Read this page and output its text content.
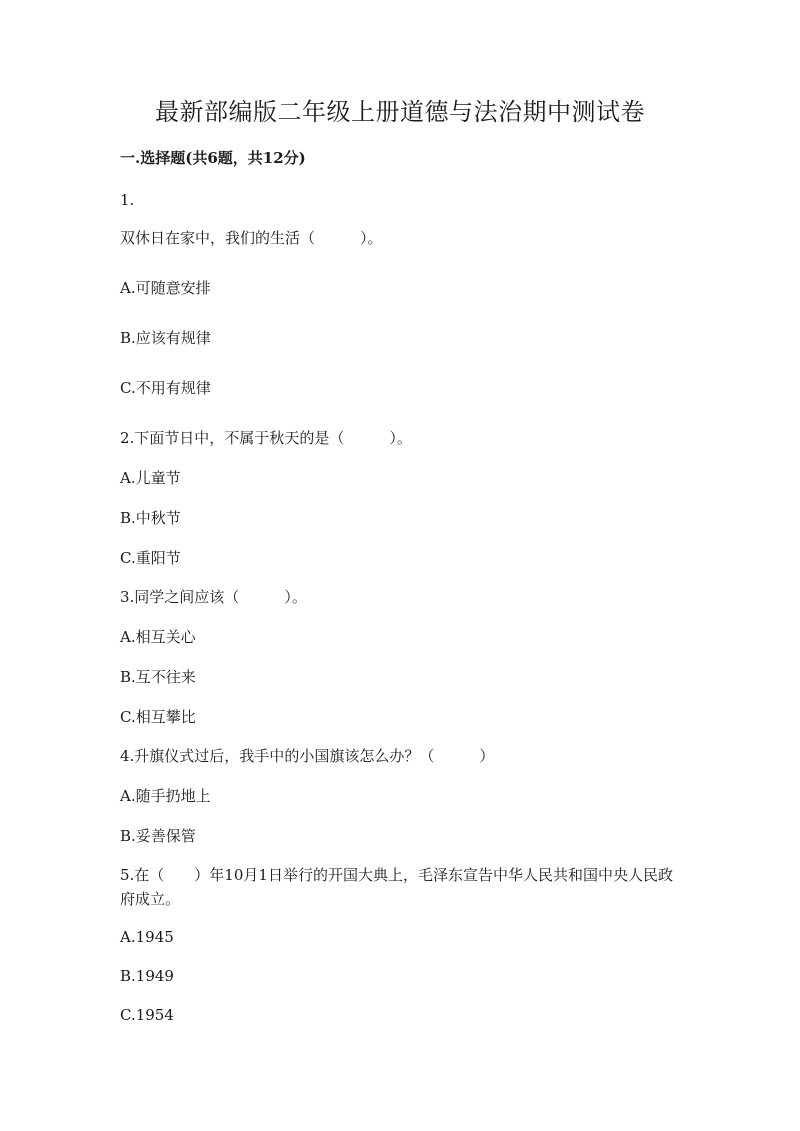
最新部编版二年级上册道德与法治期中测试卷

一.选择题(共6题，共12分)

1.

双休日在家中，我们的生活（　　　）。

A.可随意安排

B.应该有规律

C.不用有规律

2.下面节日中，不属于秋天的是（　　　）。

A.儿童节

B.中秋节

C.重阳节

3.同学之间应该（　　　）。

A.相互关心

B.互不往来

C.相互攀比

4.升旗仪式过后，我手中的小国旗该怎么办？（　　　）

A.随手扔地上

B.妥善保管

5.在（　　）年10月1日举行的开国大典上，毛泽东宣告中华人民共和国中央人民政府成立。

A.1945

B.1949

C.1954
